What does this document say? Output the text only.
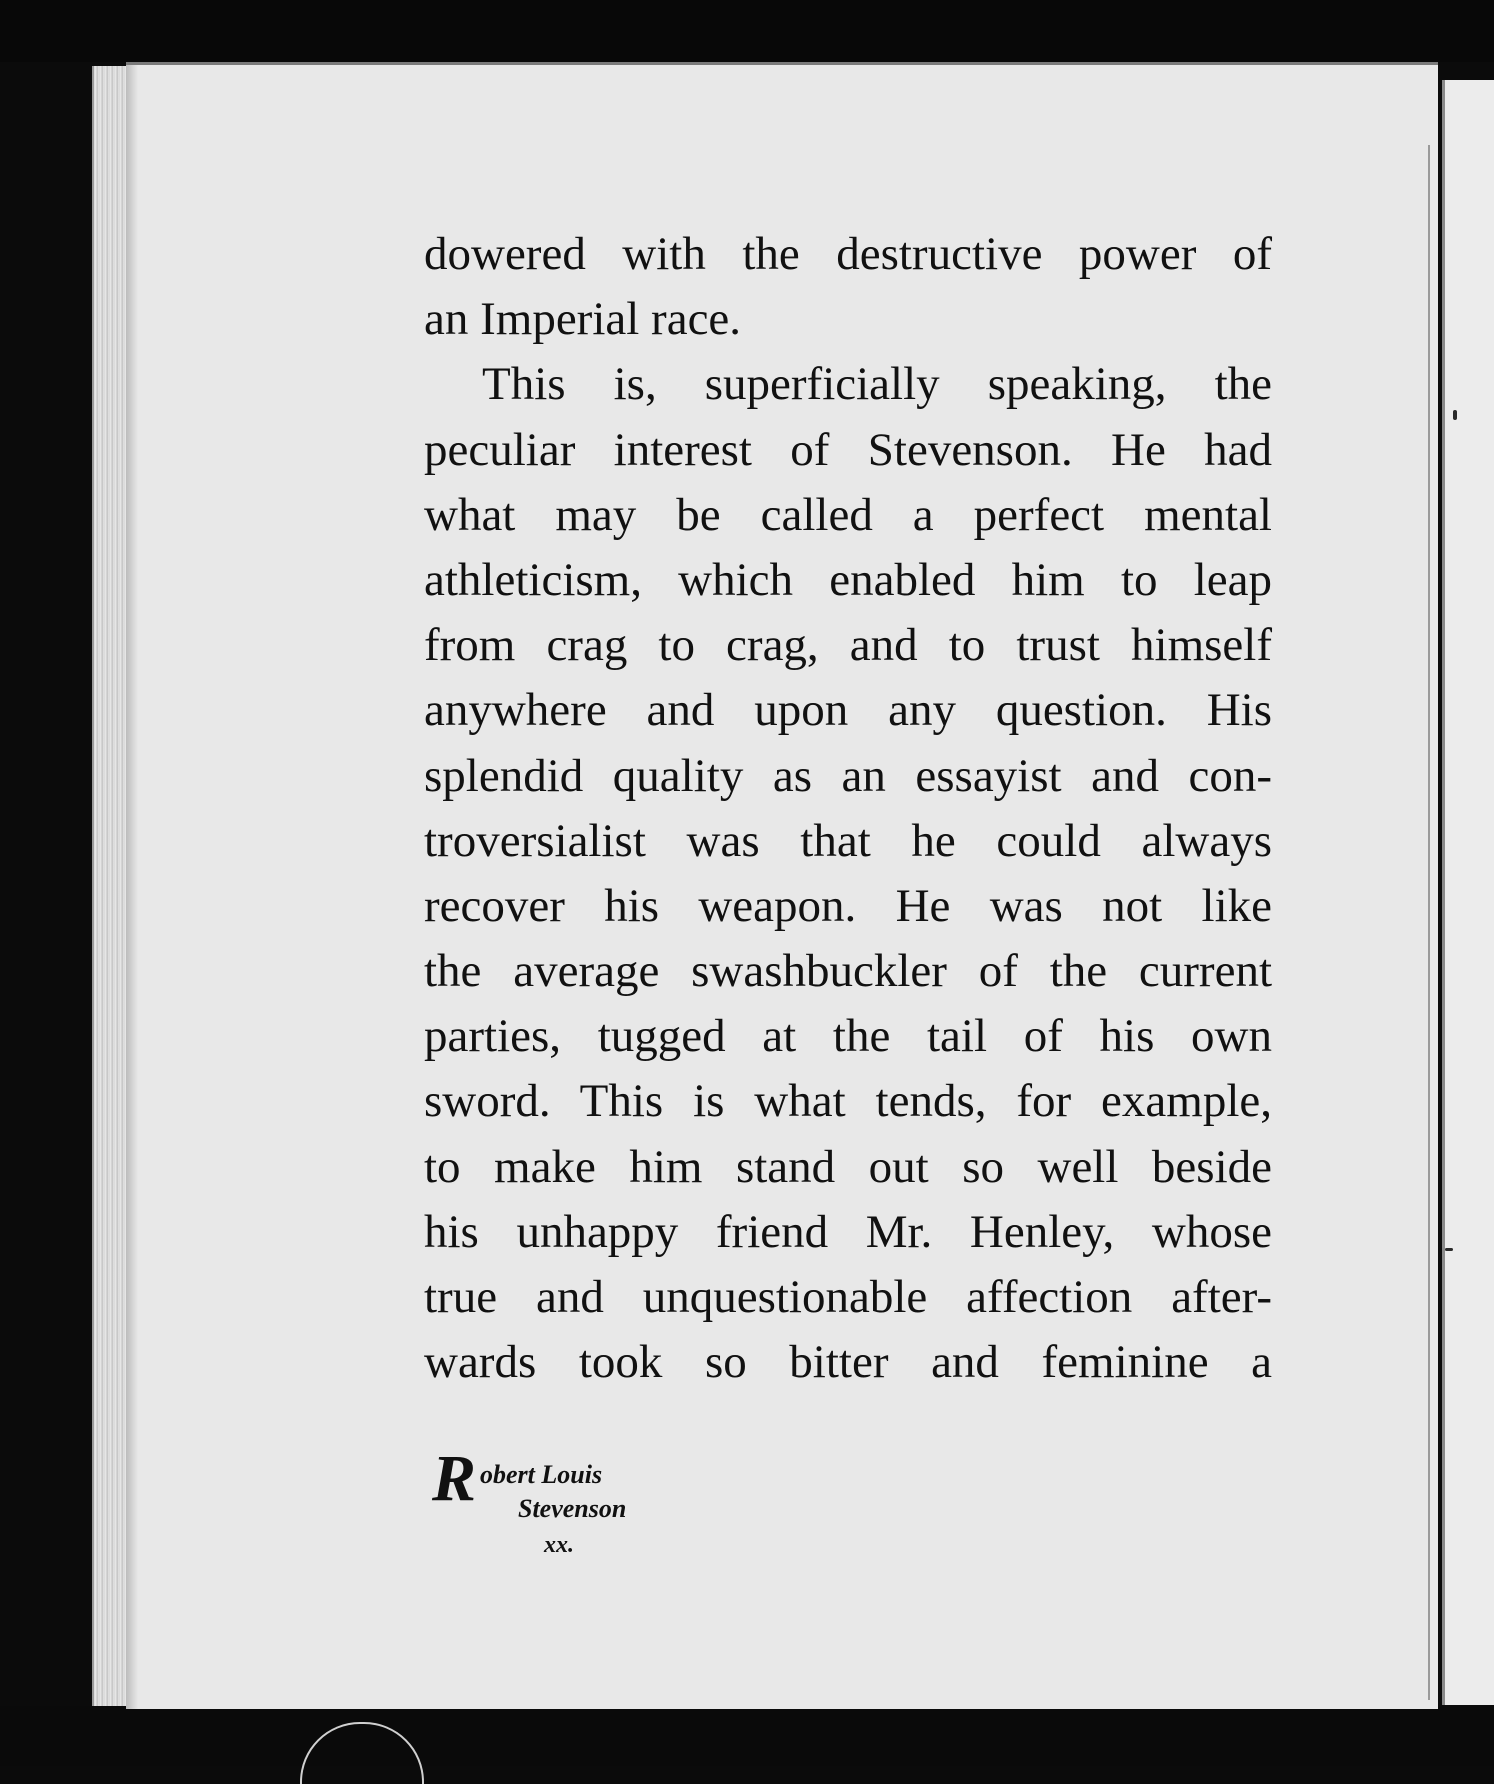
dowered with the destructive power of
an Imperial race.
This is, superficially speaking, the
peculiar interest of Stevenson. He had
what may be called a perfect mental
athleticism, which enabled him to leap
from crag to crag, and to trust himself
anywhere and upon any question. His
splendid quality as an essayist and con-
troversialist was that he could always
recover his weapon. He was not like
the average swashbuckler of the current
parties, tugged at the tail of his own
sword. This is what tends, for example,
to make him stand out so well beside
his unhappy friend Mr. Henley, whose
true and unquestionable affection after-
wards took so bitter and feminine a
R obert Louis
Stevenson
xx.
